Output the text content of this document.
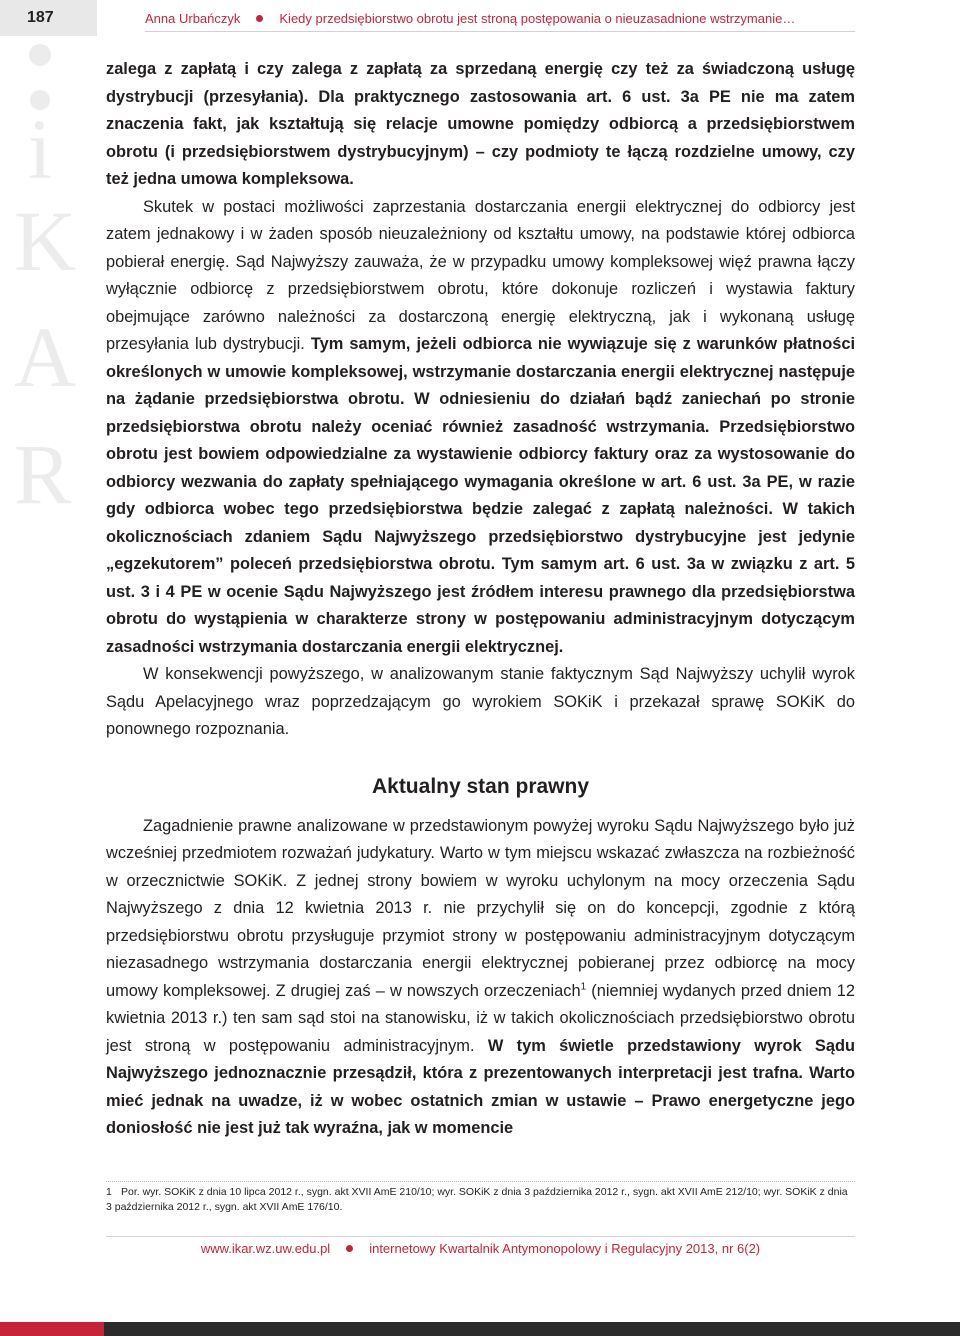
187	Anna Urbańczyk	Kiedy przedsiębiorstwo obrotu jest stroną postępowania o nieuzasadnione wstrzymanie…
i
K
A
R

zalega z zapłatą i czy zalega z zapłatą za sprzedaną energię czy też za świadczoną usługę dystrybucji (przesyłania). Dla praktycznego zastosowania art. 6 ust. 3a PE nie ma zatem znaczenia fakt, jak kształtują się relacje umowne pomiędzy odbiorcą a przedsiębiorstwem obrotu (i przedsiębiorstwem dystrybucyjnym) – czy podmioty te łączą rozdzielne umowy, czy też jedna umowa kompleksowa.

Skutek w postaci możliwości zaprzestania dostarczania energii elektrycznej do odbiorcy jest zatem jednakowy i w żaden sposób nieuzależniony od kształtu umowy, na podstawie której odbiorca pobierał energię. Sąd Najwyższy zauważa, że w przypadku umowy kompleksowej więź prawna łączy wyłącznie odbiorcę z przedsiębiorstwem obrotu, które dokonuje rozliczeń i wystawia faktury obejmujące zarówno należności za dostarczoną energię elektryczną, jak i wykonaną usługę przesyłania lub dystrybucji. Tym samym, jeżeli odbiorca nie wywiązuje się z warunków płatności określonych w umowie kompleksowej, wstrzymanie dostarczania energii elektrycznej następuje na żądanie przedsiębiorstwa obrotu. W odniesieniu do działań bądź zaniechań po stronie przedsiębiorstwa obrotu należy oceniać również zasadność wstrzymania. Przedsiębiorstwo obrotu jest bowiem odpowiedzialne za wystawienie odbiorcy faktury oraz za wystosowanie do odbiorcy wezwania do zapłaty spełniającego wymagania określone w art. 6 ust. 3a PE, w razie gdy odbiorca wobec tego przedsiębiorstwa będzie zalegać z zapłatą należności. W takich okolicznościach zdaniem Sądu Najwyższego przedsiębiorstwo dystrybucyjne jest jedynie „egzekutorem” poleceń przedsiębiorstwa obrotu. Tym samym art. 6 ust. 3a w związku z art. 5 ust. 3 i 4 PE w ocenie Sądu Najwyższego jest źródłem interesu prawnego dla przedsiębiorstwa obrotu do wystąpienia w charakterze strony w postępowaniu administracyjnym dotyczącym zasadności wstrzymania dostarczania energii elektrycznej.

W konsekwencji powyższego, w analizowanym stanie faktycznym Sąd Najwyższy uchylił wyrok Sądu Apelacyjnego wraz poprzedzającym go wyrokiem SOKiK i przekazał sprawę SOKiK do ponownego rozpoznania.

Aktualny stan prawny

Zagadnienie prawne analizowane w przedstawionym powyżej wyroku Sądu Najwyższego było już wcześniej przedmiotem rozważań judykatury. Warto w tym miejscu wskazać zwłaszcza na rozbieżność w orzecznictwie SOKiK. Z jednej strony bowiem w wyroku uchylonym na mocy orzeczenia Sądu Najwyższego z dnia 12 kwietnia 2013 r. nie przychylił się on do koncepcji, zgodnie z którą przedsiębiorstwu obrotu przysługuje przymiot strony w postępowaniu administracyjnym dotyczącym niezasadnego wstrzymania dostarczania energii elektrycznej pobieranej przez odbiorcę na mocy umowy kompleksowej. Z drugiej zaś – w nowszych orzeczeniach$^1$ (niemniej wydanych przed dniem 12 kwietnia 2013 r.) ten sam sąd stoi na stanowisku, iż w takich okolicznościach przedsiębiorstwo obrotu jest stroną w postępowaniu administracyjnym. W tym świetle przedstawiony wyrok Sądu Najwyższego jednoznacznie przesądził, która z prezentowanych interpretacji jest trafna. Warto mieć jednak na uwadze, iż w wobec ostatnich zmian w ustawie – Prawo energetyczne jego doniosłość nie jest już tak wyraźna, jak w momencie

1 Por. wyr. SOKiK z dnia 10 lipca 2012 r., sygn. akt XVII AmE 210/10; wyr. SOKiK z dnia 3 października 2012 r., sygn. akt XVII AmE 212/10; wyr. SOKiK z dnia 3 października 2012 r., sygn. akt XVII AmE 176/10.
www.ikar.wz.uw.edu.pl	internetowy Kwartalnik Antymonopolowy i Regulacyjny 2013, nr 6(2)
